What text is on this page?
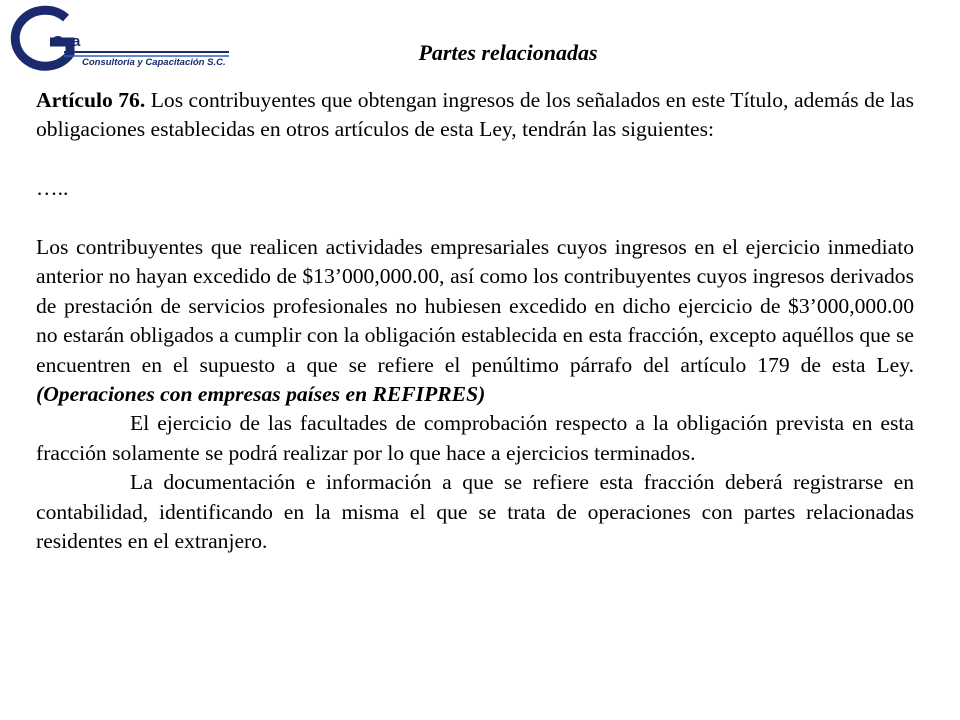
Gva
Consultoría y Capacitación S.C.	Partes relacionadas

Artículo 76. Los contribuyentes que obtengan ingresos de los señalados en este Título, además de las obligaciones establecidas en otros artículos de esta Ley, tendrán las siguientes:

…..

Los contribuyentes que realicen actividades empresariales cuyos ingresos en el ejercicio inmediato anterior no hayan excedido de $13’000,000.00, así como los contribuyentes cuyos ingresos derivados de prestación de servicios profesionales no hubiesen excedido en dicho ejercicio de $3’000,000.00 no estarán obligados a cumplir con la obligación establecida en esta fracción, excepto aquéllos que se encuentren en el supuesto a que se refiere el penúltimo párrafo del artículo 179 de esta Ley. (Operaciones con empresas países en REFIPRES)

El ejercicio de las facultades de comprobación respecto a la obligación prevista en esta fracción solamente se podrá realizar por lo que hace a ejercicios terminados.

La documentación e información a que se refiere esta fracción deberá registrarse en contabilidad, identificando en la misma el que se trata de operaciones con partes relacionadas residentes en el extranjero.
